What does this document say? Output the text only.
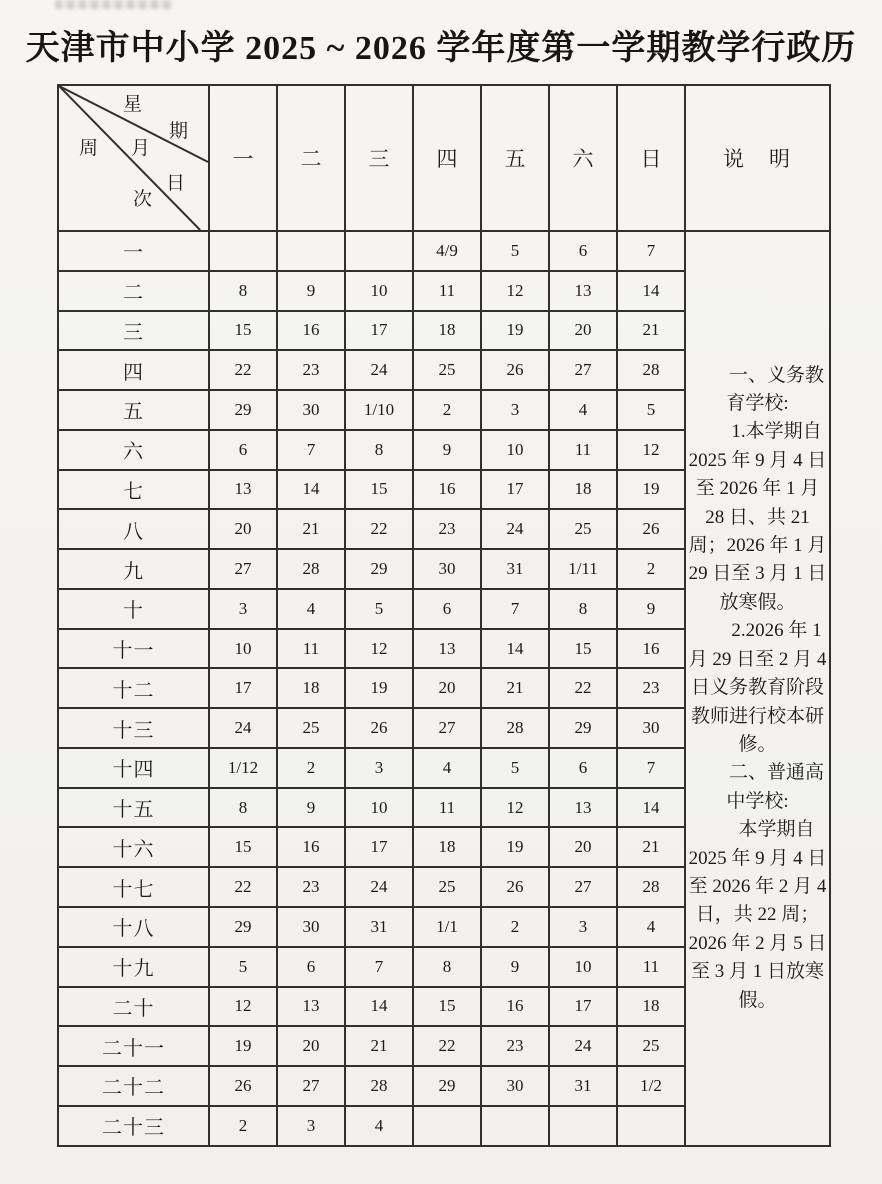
天津市中小学 2025 ~ 2026 学年度第一学期教学行政历
星
期
周 月
日
次
	一	二	三	四	五	六	日	说　明
一				4/9	5	6	7	一、义务教育学校:

1.本学期自 2025 年 9 月 4 日至 2026 年 1 月 28 日、共 21 周；2026 年 1 月 29 日至 3 月 1 日放寒假。

2.2026 年 1 月 29 日至 2 月 4 日义务教育阶段教师进行校本研修。

二、普通高中学校:

本学期自 2025 年 9 月 4 日至 2026 年 2 月 4 日，共 22 周；2026 年 2 月 5 日至 3 月 1 日放寒假。

二	8	9	10	11	12	13	14	
三	15	16	17	18	19	20	21	
四	22	23	24	25	26	27	28	
五	29	30	1/10	2	3	4	5	
六	6	7	8	9	10	11	12	
七	13	14	15	16	17	18	19	
八	20	21	22	23	24	25	26	
九	27	28	29	30	31	1/11	2	
十	3	4	5	6	7	8	9	
十一	10	11	12	13	14	15	16	
十二	17	18	19	20	21	22	23	
十三	24	25	26	27	28	29	30	
十四	1/12	2	3	4	5	6	7	
十五	8	9	10	11	12	13	14	
十六	15	16	17	18	19	20	21	
十七	22	23	24	25	26	27	28	
十八	29	30	31	1/1	2	3	4	
十九	5	6	7	8	9	10	11	
二十	12	13	14	15	16	17	18	
二十一	19	20	21	22	23	24	25	
二十二	26	27	28	29	30	31	1/2	
二十三	2	3	4					
